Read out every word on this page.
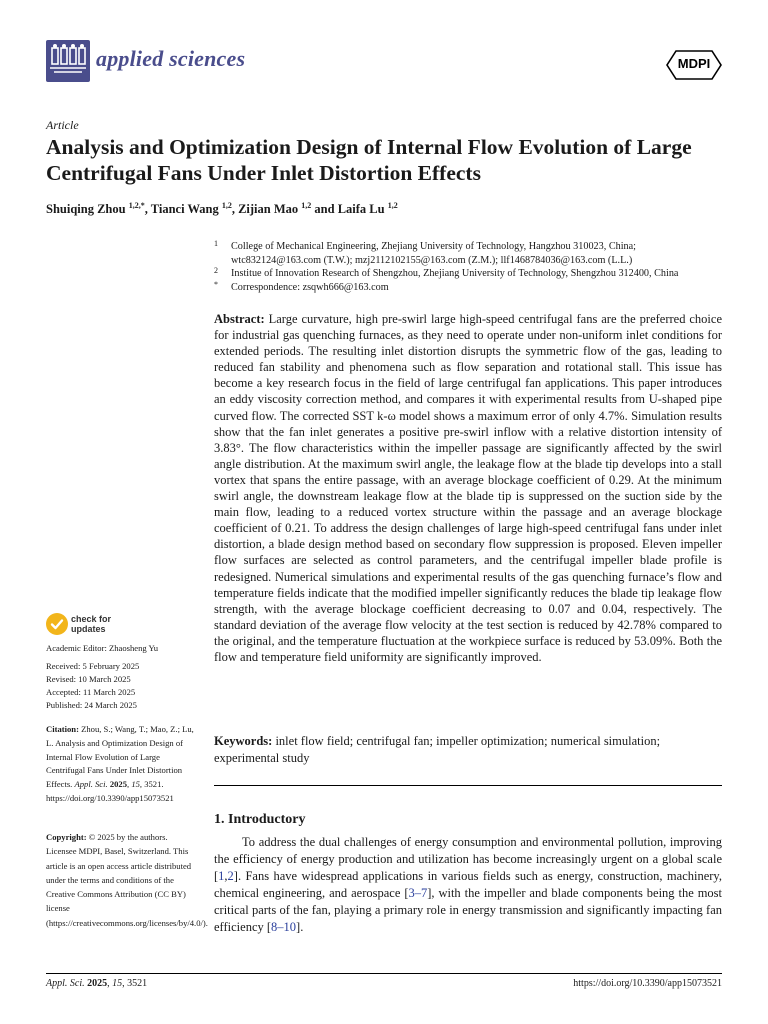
applied sciences	MDPI
Article
Analysis and Optimization Design of Internal Flow Evolution of Large Centrifugal Fans Under Inlet Distortion Effects
Shuiqing Zhou $^{1,2,*}$, Tianci Wang $^{1,2}$, Zijian Mao $^{1,2}$ and Laifa Lu $^{1,2}$
1 College of Mechanical Engineering, Zhejiang University of Technology, Hangzhou 310023, China; wtc832124@163.com (T.W.); mzj2112102155@163.com (Z.M.); llf1468784036@163.com (L.L.)
2 Institue of Innovation Research of Shengzhou, Zhejiang University of Technology, Shengzhou 312400, China
* Correspondence: zsqwh666@163.com
Abstract: Large curvature, high pre-swirl large high-speed centrifugal fans are the preferred choice for industrial gas quenching furnaces, as they need to operate under non-uniform inlet conditions for extended periods. The resulting inlet distortion disrupts the symmetric flow of the gas, leading to reduced fan stability and phenomena such as flow separation and rotational stall. This issue has become a key research focus in the field of large centrifugal fan applications. This paper introduces an eddy viscosity correction method, and compares it with experimental results from U-shaped pipe curved flow. The corrected SST k-ω model shows a maximum error of only 4.7%. Simulation results show that the fan inlet generates a positive pre-swirl inflow with a relative distortion intensity of 3.83°. The flow characteristics within the impeller passage are significantly affected by the swirl angle distribution. At the maximum swirl angle, the leakage flow at the blade tip develops into a stall vortex that spans the entire passage, with an average blockage coefficient of 0.29. At the minimum swirl angle, the downstream leakage flow at the blade tip is suppressed on the suction side by the main flow, leading to a reduced vortex structure within the passage and an average blockage coefficient of 0.21. To address the design challenges of large high-speed centrifugal fans under inlet distortion, a blade design method based on secondary flow suppression is proposed. Eleven impeller flow surfaces are selected as control parameters, and the centrifugal impeller blade profile is redesigned. Numerical simulations and experimental results of the gas quenching furnace’s flow and temperature fields indicate that the modified impeller significantly reduces the blade tip leakage flow strength, with the average blockage coefficient decreasing to 0.07 and 0.04, respectively. The standard deviation of the average flow velocity at the test section is reduced by 42.78% compared to the original, and the temperature fluctuation at the workpiece surface is reduced by 53.09%. Both the flow and temperature field uniformity are significantly improved.
Keywords: inlet flow field; centrifugal fan; impeller optimization; numerical simulation; experimental study
1. Introductory
To address the dual challenges of energy consumption and environmental pollution, improving the efficiency of energy production and utilization has become increasingly urgent on a global scale [1,2]. Fans have widespread applications in various fields such as energy, construction, machinery, chemical engineering, and aerospace [3–7], with the impeller and blade components being the most critical parts of the fan, playing a primary role in energy transmission and significantly impacting fan efficiency [8–10].
check for
updates
Academic Editor: Zhaosheng Yu
Received: 5 February 2025
Revised: 10 March 2025
Accepted: 11 March 2025
Published: 24 March 2025
Citation: Zhou, S.; Wang, T.; Mao, Z.; Lu, L. Analysis and Optimization Design of Internal Flow Evolution of Large Centrifugal Fans Under Inlet Distortion Effects. Appl. Sci. 2025, 15, 3521. https://doi.org/10.3390/app15073521
Copyright: © 2025 by the authors. Licensee MDPI, Basel, Switzerland. This article is an open access article distributed under the terms and conditions of the Creative Commons Attribution (CC BY) license (https://creativecommons.org/licenses/by/4.0/).
Appl. Sci. 2025, 15, 3521	https://doi.org/10.3390/app15073521
